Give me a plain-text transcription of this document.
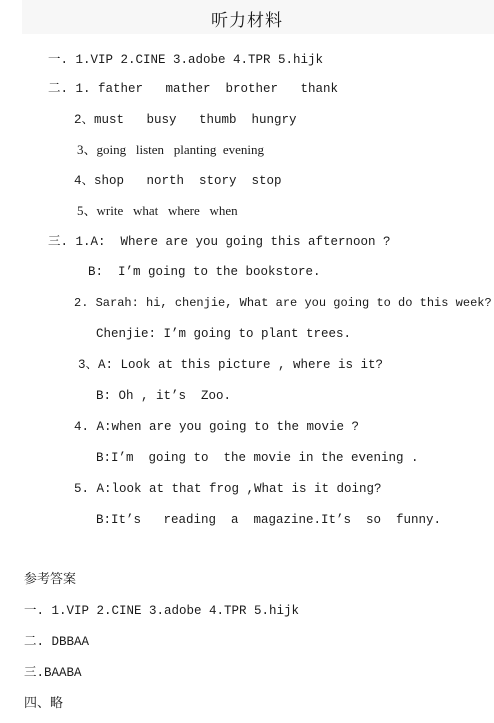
听力材料
一. 1.VIP 2.CINE 3.adobe 4.TPR 5.hijk
二. 1. father   mather  brother   thank
2、must   busy   thumb  hungry
3、going   listen   planting  evening
4、shop   north  story  stop
5、write   what   where   when
三. 1.A:  Where are you going this afternoon ?
B:  I’m going to the bookstore.
2. Sarah: hi, chenjie, What are you going to do this week?
Chenjie: I’m going to plant trees.
3、A: Look at this picture , where is it?
B: Oh , it’s  Zoo.
4. A:when are you going to the movie ?
B:I’m  going to  the movie in the evening .
5. A:look at that frog ,What is it doing?
B:It’s   reading  a  magazine.It’s  so  funny.
参考答案
一. 1.VIP 2.CINE 3.adobe 4.TPR 5.hijk
二. DBBAA
三.BAABA
四、略
